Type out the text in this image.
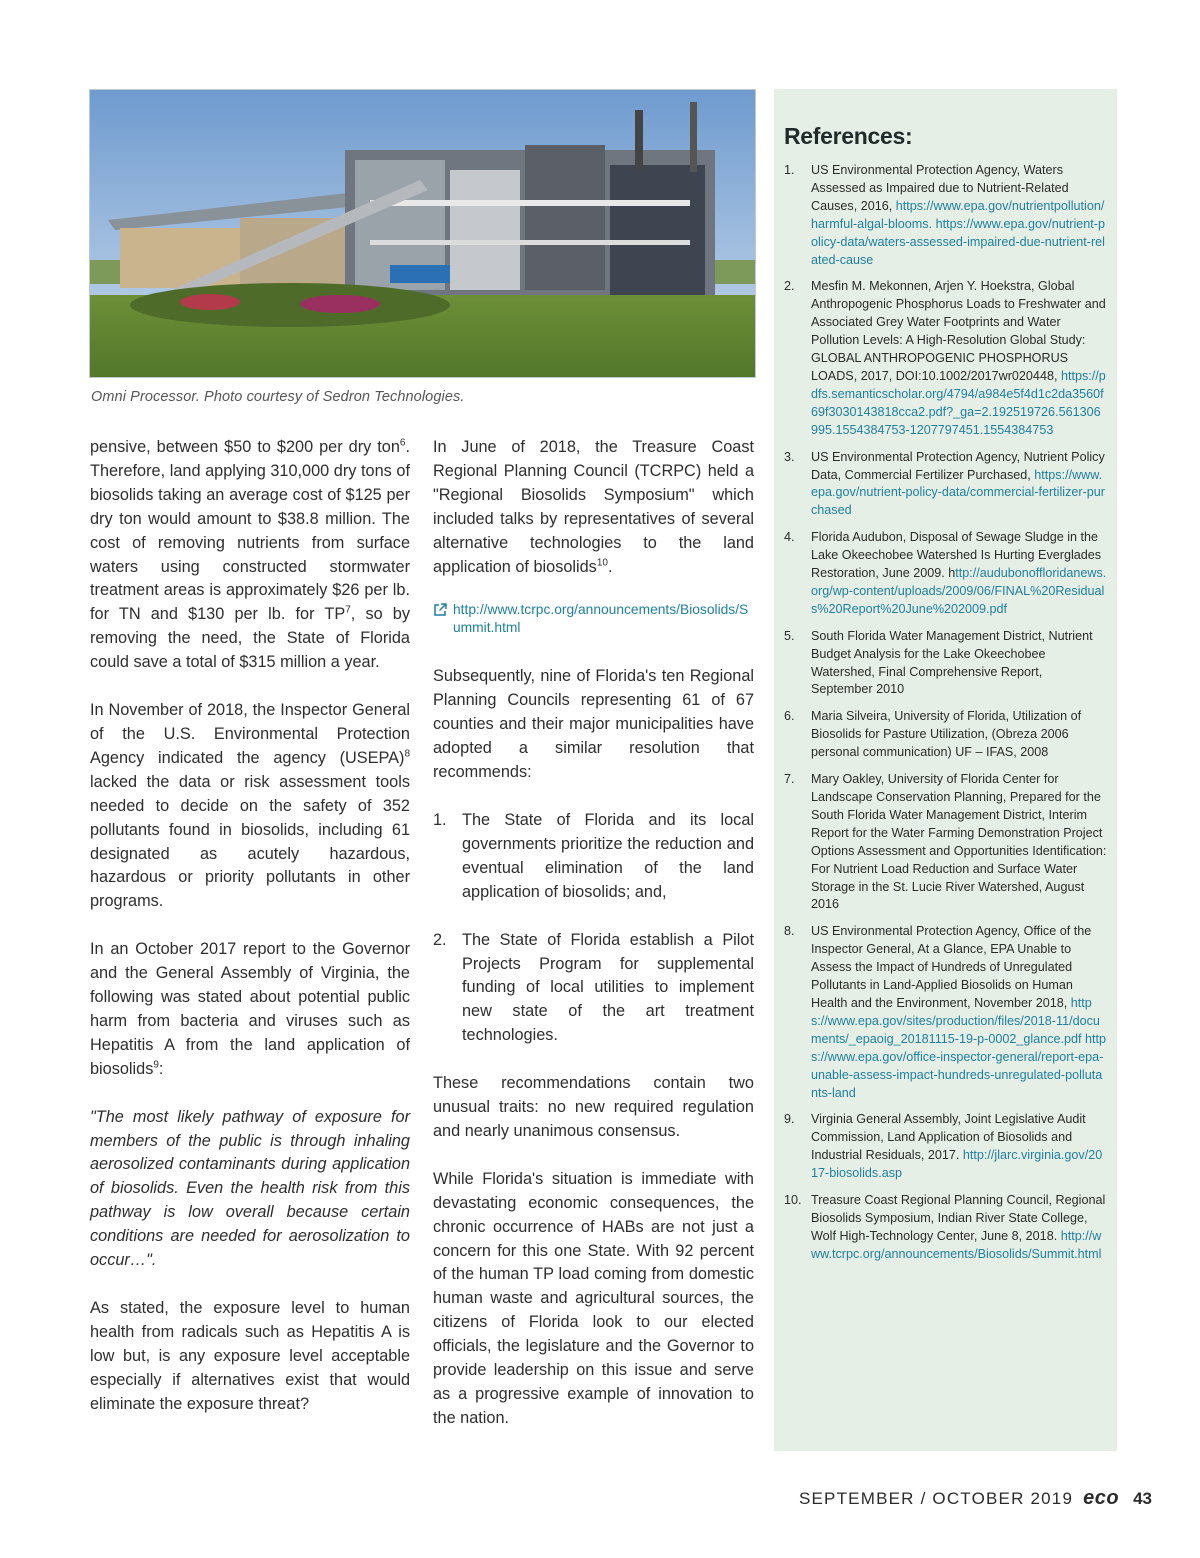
Omni Processor. Photo courtesy of Sedron Technologies.

pensive, between $50 to $200 per dry ton$^6$. Therefore, land applying 310,000 dry tons of biosolids taking an average cost of $125 per dry ton would amount to $38.8 million. The cost of removing nutrients from surface waters using constructed stormwater treatment areas is approximately $26 per lb. for TN and $130 per lb. for $TP^7$, so by removing the need, the State of Florida could save a total of $315 million a year.

In November of 2018, the Inspector General of the U.S. Environmental Protection Agency indicated the agency (USEPA)$^8$ lacked the data or risk assessment tools needed to decide on the safety of 352 pollutants found in biosolids, including 61 designated as acutely hazardous, hazardous or priority pollutants in other programs.

In an October 2017 report to the Governor and the General Assembly of Virginia, the following was stated about potential public harm from bacteria and viruses such as Hepatitis A from the land application of biosolids$^9$:

"The most likely pathway of exposure for members of the public is through inhaling aerosolized contaminants during application of biosolids. Even the health risk from this pathway is low overall because certain conditions are needed for aerosolization to occur…".

As stated, the exposure level to human health from radicals such as Hepatitis A is low but, is any exposure level acceptable especially if alternatives exist that would eliminate the exposure threat?

In June of 2018, the Treasure Coast Regional Planning Council (TCRPC) held a "Regional Biosolids Symposium" which included talks by representatives of several alternative technologies to the land application of biosolids$^{10}$.

http://www.tcrpc.org/announcements/Biosolids/Summit.html

Subsequently, nine of Florida's ten Regional Planning Councils representing 61 of 67 counties and their major municipalities have adopted a similar resolution that recommends:

1. The State of Florida and its local governments prioritize the reduction and eventual elimination of the land application of biosolids; and,
2. The State of Florida establish a Pilot Projects Program for supplemental funding of local utilities to implement new state of the art treatment technologies.

These recommendations contain two unusual traits: no new required regulation and nearly unanimous consensus.

While Florida's situation is immediate with devastating economic consequences, the chronic occurrence of HABs are not just a concern for this one State. With 92 percent of the human TP load coming from domestic human waste and agricultural sources, the citizens of Florida look to our elected officials, the legislature and the Governor to provide leadership on this issue and serve as a progressive example of innovation to the nation.

References:
1.	US Environmental Protection Agency, Waters Assessed as Impaired due to Nutrient-Related Causes, 2016, https://www.epa.gov/nutrientpollution/harmful-algal-blooms. https://www.epa.gov/nutrient-policy-data/waters-assessed-impaired-due-nutrient-related-cause
2.	Mesfin M. Mekonnen, Arjen Y. Hoekstra, Global Anthropogenic Phosphorus Loads to Freshwater and Associated Grey Water Footprints and Water Pollution Levels: A High-Resolution Global Study: GLOBAL ANTHROPOGENIC PHOSPHORUS LOADS, 2017, DOI:10.1002/2017wr020448, https://pdfs.semanticscholar.org/4794/a984e5f4d1c2da3560f69f3030143818cca2.pdf?_ga=2.192519726.561306995.1554384753-1207797451.1554384753
3.	US Environmental Protection Agency, Nutrient Policy Data, Commercial Fertilizer Purchased, https://www.epa.gov/nutrient-policy-data/commercial-fertilizer-purchased
4.	Florida Audubon, Disposal of Sewage Sludge in the Lake Okeechobee Watershed Is Hurting Everglades Restoration, June 2009. http://audubonoffloridanews.org/wp-content/uploads/2009/06/FINAL%20Residuals%20Report%20June%202009.pdf
5.	South Florida Water Management District, Nutrient Budget Analysis for the Lake Okeechobee Watershed, Final Comprehensive Report, September 2010
6.	Maria Silveira, University of Florida, Utilization of Biosolids for Pasture Utilization, (Obreza 2006 personal communication) UF – IFAS, 2008
7.	Mary Oakley, University of Florida Center for Landscape Conservation Planning, Prepared for the South Florida Water Management District, Interim Report for the Water Farming Demonstration Project Options Assessment and Opportunities Identification: For Nutrient Load Reduction and Surface Water Storage in the St. Lucie River Watershed, August 2016
8.	US Environmental Protection Agency, Office of the Inspector General, At a Glance, EPA Unable to Assess the Impact of Hundreds of Unregulated Pollutants in Land-Applied Biosolids on Human Health and the Environment, November 2018, https://www.epa.gov/sites/production/files/2018-11/documents/_epaoig_20181115-19-p-0002_glance.pdf https://www.epa.gov/office-inspector-general/report-epa-unable-assess-impact-hundreds-unregulated-pollutants-land
9.	Virginia General Assembly, Joint Legislative Audit Commission, Land Application of Biosolids and Industrial Residuals, 2017. http://jlarc.virginia.gov/2017-biosolids.asp
10. Treasure Coast Regional Planning Council, Regional Biosolids Symposium, Indian River State College, Wolf High-Technology Center, June 8, 2018. http://www.tcrpc.org/announcements/Biosolids/Summit.html
SEPTEMBER / OCTOBER 2019 eco 43
